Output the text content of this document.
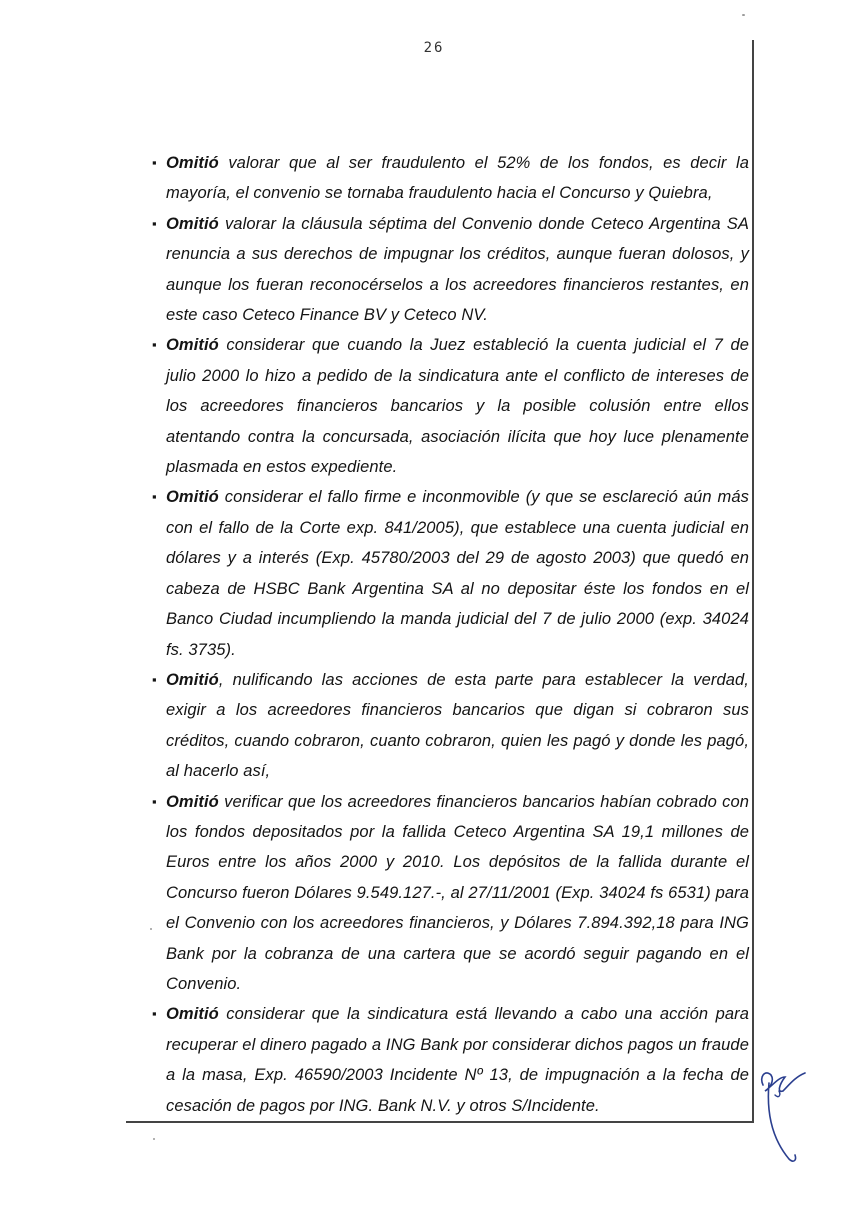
26
▪
Omitió valorar que al ser fraudulento el 52% de los fondos, es decir la mayoría, el convenio se tornaba fraudulento hacia el Concurso y Quiebra,
▪
Omitió valorar la cláusula séptima del Convenio donde Ceteco Argentina SA renuncia a sus derechos de impugnar los créditos, aunque fueran dolosos, y aunque los fueran reconocérselos a los acreedores financieros restantes, en este caso Ceteco Finance BV y Ceteco NV.
▪
Omitió considerar que cuando la Juez estableció la cuenta judicial el 7 de julio 2000 lo hizo a pedido de la sindicatura ante el conflicto de intereses de los acreedores financieros bancarios y la posible colusión entre ellos atentando contra la concursada, asociación ilícita que hoy luce plenamente plasmada en estos expediente.
▪
Omitió considerar el fallo firme e inconmovible (y que se esclareció aún más con el fallo de la Corte exp. 841/2005), que establece una cuenta judicial en dólares y a interés (Exp. 45780/2003 del 29 de agosto 2003) que quedó en cabeza de HSBC Bank Argentina SA al no depositar éste los fondos en el Banco Ciudad incumpliendo la manda judicial del 7 de julio 2000 (exp. 34024 fs. 3735).
▪
Omitió, nulificando las acciones de esta parte para establecer la verdad, exigir a los acreedores financieros bancarios que digan si cobraron sus créditos, cuando cobraron, cuanto cobraron, quien les pagó y donde les pagó, al hacerlo así,
▪
Omitió verificar que los acreedores financieros bancarios habían cobrado con los fondos depositados por la fallida Ceteco Argentina SA 19,1 millones de Euros entre los años 2000 y 2010. Los depósitos de la fallida durante el Concurso fueron Dólares 9.549.127.-, al 27/11/2001 (Exp. 34024 fs 6531) para el Convenio con los acreedores financieros, y Dólares 7.894.392,18 para ING Bank por la cobranza de una cartera que se acordó seguir pagando en el Convenio.
▪
Omitió considerar que la sindicatura está llevando a cabo una acción para recuperar el dinero pagado a ING Bank por considerar dichos pagos un fraude a la masa, Exp. 46590/2003 Incidente Nº 13, de impugnación a la fecha de cesación de pagos por ING. Bank N.V. y otros S/Incidente.
